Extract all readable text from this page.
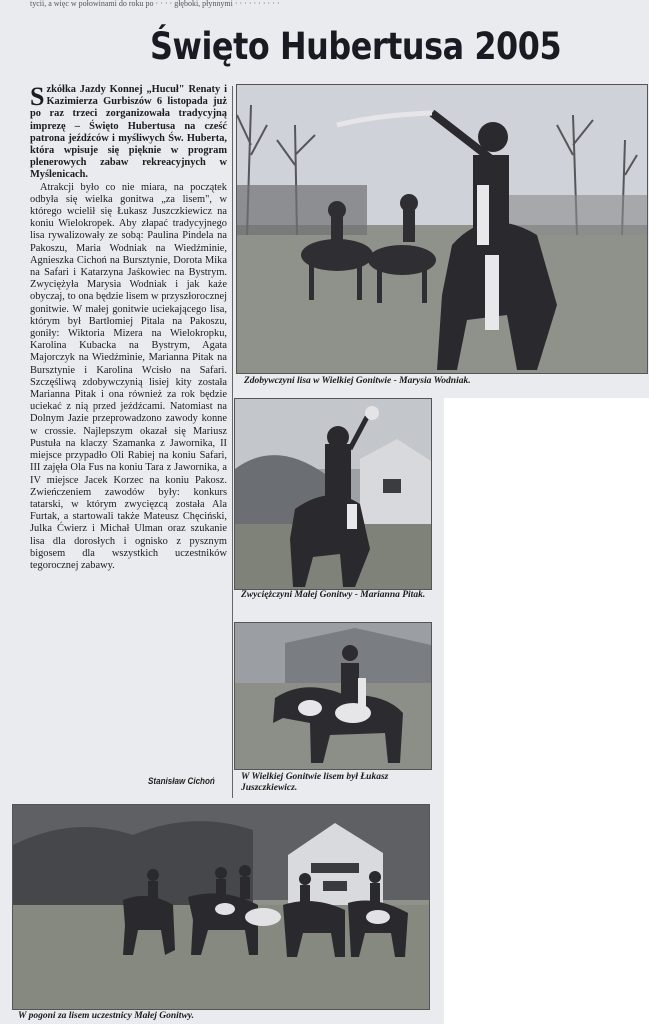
tycii, a więc w połowinami do roku po · · · · głęboki, płynnymi · · · · · · · · · ·
Święto Hubertusa 2005

Szkółka Jazdy Konnej „Hucuł" Renaty i Kazimierza Gurbiszów 6 listopada już po raz trzeci zorganizowała tradycyjną imprezę – Święto Hubertusa na cześć patrona jeźdźców i myśliwych Św. Huberta, która wpisuje się pięknie w program plenerowych zabaw rekreacyjnych w Myślenicach.

Atrakcji było co nie miara, na początek odbyła się wielka gonitwa „za lisem", w którego wcielił się Łukasz Juszczkiewicz na koniu Wielokropek. Aby złapać tradycyjnego lisa rywalizowały ze sobą: Paulina Pindela na Pakoszu, Maria Wodniak na Wiedźminie, Agnieszka Cichoń na Bursztynie, Dorota Mika na Safari i Katarzyna Jaśkowiec na Bystrym. Zwyciężyła Marysia Wodniak i jak każe obyczaj, to ona będzie lisem w przyszłorocznej gonitwie. W małej gonitwie uciekającego lisa, którym był Bartłomiej Pitala na Pakoszu, goniły: Wiktoria Mizera na Wielokropku, Karolina Kubacka na Bystrym, Agata Majorczyk na Wiedźminie, Marianna Pitak na Bursztynie i Karolina Wcisło na Safari. Szczęśliwą zdobywczynią lisiej kity została Marianna Pitak i ona również za rok będzie uciekać z nią przed jeźdźcami. Natomiast na Dolnym Jazie przeprowadzono zawody konne w crossie. Najlepszym okazał się Mariusz Pustuła na klaczy Szamanka z Jawornika, II miejsce przypadło Oli Rabiej na koniu Safari, III zajęła Ola Fus na koniu Tara z Jawornika, a IV miejsce Jacek Korzec na koniu Pakosz. Zwieńczeniem zawodów były: konkurs tatarski, w którym zwycięzcą została Ala Furtak, a startowali także Mateusz Chęciński, Julka Ćwierz i Michał Ulman oraz szukanie lisa dla dorosłych i ognisko z pysznym bigosem dla wszystkich uczestników tegorocznej zabawy.

Stanisław Cichoń
Zdobywczyni lisa w Wielkiej Gonitwie - Marysia Wodniak.
Zwyciężczyni Małej Gonitwy - Marianna Pitak.
W Wielkiej Gonitwie lisem był Łukasz Juszczkiewicz.
W pogoni za lisem uczestnicy Małej Gonitwy.
